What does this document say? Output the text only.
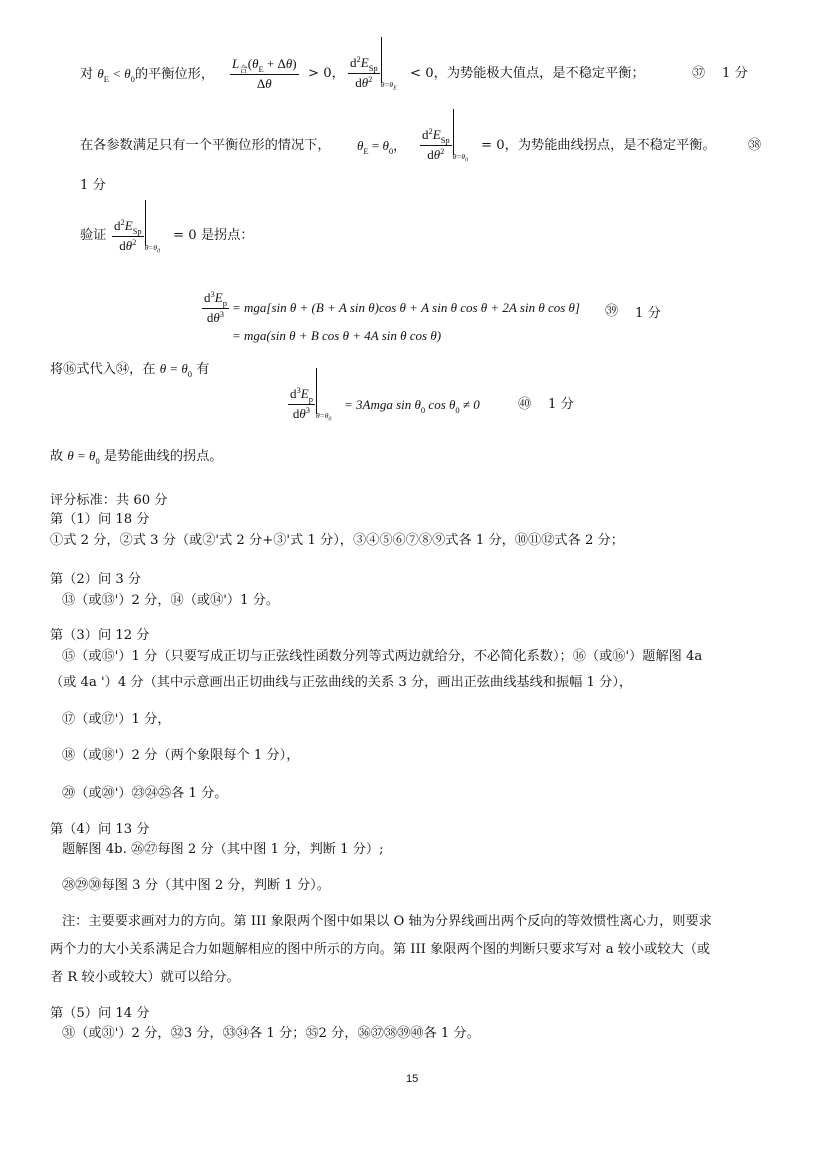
对 $\theta_E < \theta_0$的平衡位形， $\frac{L_合(\theta_E + \Delta\theta)}{\Delta\theta} > 0$，
$d^2E_{Sp}$
$d\theta^2$
$\theta=\theta_E$
< 0，为势能极大值点，是不稳定平衡；	㊲ 1 分
在各参数满足只有一个平衡位形的情况下， $\theta_E = \theta_0$，
$d^2E_{Sp}$
$d\theta^2$
$\theta=\theta_0$
= 0，为势能曲线拐点，是不稳定平衡。 ㊳
1 分
验证
$d^2E_{Sp}$
$d\theta^2$
$\theta=\theta_0$
= 0 是拐点：
$\frac{d^3E_p}{d\theta^3} = mga[\sin$ θ + (B + A sin θ)cos θ + A sin θ cos θ + 2A sin θ cos θ] ㊴ 1 分
= mga(sin θ + B cos θ + 4A sin θ cos θ)
将⑯式代入㉞，在 $\theta = \theta_0$ 有
$d^3E_p$
$d\theta^3$
$\theta=\theta_0$
= 3Amga $\sin \theta_0$ $\cos \theta_0 \ne 0$	㊵ 1 分
故 $\theta = \theta_0$ 是势能曲线的拐点。
评分标准：共 60 分
第（1）问 18 分
①式 2 分，②式 3 分（或②'式 2 分+③'式 1 分），③④⑤⑥⑦⑧⑨式各 1 分，⑩⑪⑫式各 2 分；
第（2）问 3 分
⑬（或⑬'）2 分，⑭（或⑭'）1 分。
第（3）问 12 分
⑮（或⑮'）1 分（只要写成正切与正弦线性函数分列等式两边就给分，不必简化系数）；⑯（或⑯'）题解图 4a
（或 4a '）4 分（其中示意画出正切曲线与正弦曲线的关系 3 分，画出正弦曲线基线和振幅 1 分），
⑰（或⑰'）1 分，
⑱（或⑱'）2 分（两个象限每个 1 分），
⑳（或⑳'）㉓㉔㉕各 1 分。
第（4）问 13 分
题解图 4b. ㉖㉗每图 2 分（其中图 1 分，判断 1 分）;
㉘㉙㉚每图 3 分（其中图 2 分，判断 1 分）。
注：主要要求画对力的方向。第 III 象限两个图中如果以 O 轴为分界线画出两个反向的等效惯性离心力，则要求
两个力的大小关系满足合力如题解相应的图中所示的方向。第 III 象限两个图的判断只要求写对 a 较小或较大（或
者 R 较小或较大）就可以给分。
第（5）问 14 分
㉛（或㉛'）2 分，㉜3 分，㉝㉞各 1 分；㉟2 分，㊱㊲㊳㊴㊵各 1 分。
15
